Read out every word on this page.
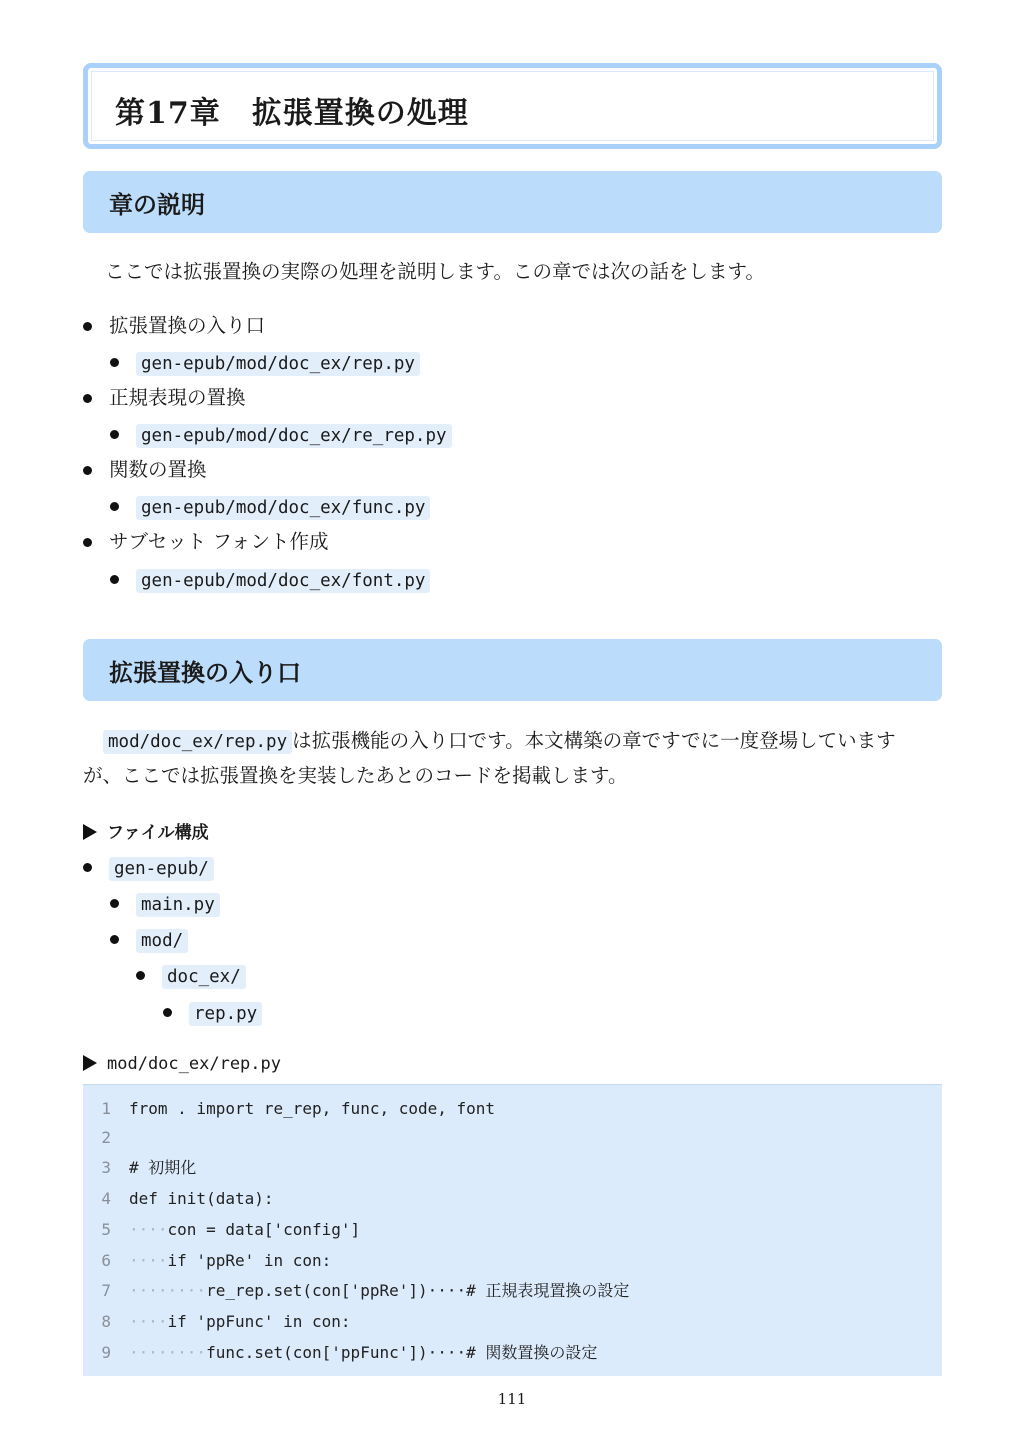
第17章　拡張置換の処理
章の説明
ここでは拡張置換の実際の処理を説明します。この章では次の話をします。
拡張置換の入り口
gen-epub/mod/doc_ex/rep.py
正規表現の置換
gen-epub/mod/doc_ex/re_rep.py
関数の置換
gen-epub/mod/doc_ex/func.py
サブセット フォント作成
gen-epub/mod/doc_ex/font.py
拡張置換の入り口
mod/doc_ex/rep.py は拡張機能の入り口です。本文構築の章ですでに一度登場しています
が、ここでは拡張置換を実装したあとのコードを掲載します。
ファイル構成
gen-epub/
main.py
mod/
doc_ex/
rep.py
mod/doc_ex/rep.py
1 from . import re_rep, func, code, font
2
3 # 初期化
4 def init(data):
5 ····con = data['config']
6 ····if 'ppRe' in con:
7 ········re_rep.set(con['ppRe'])····# 正規表現置換の設定
8 ····if 'ppFunc' in con:
9 ········func.set(con['ppFunc'])····# 関数置換の設定
111
